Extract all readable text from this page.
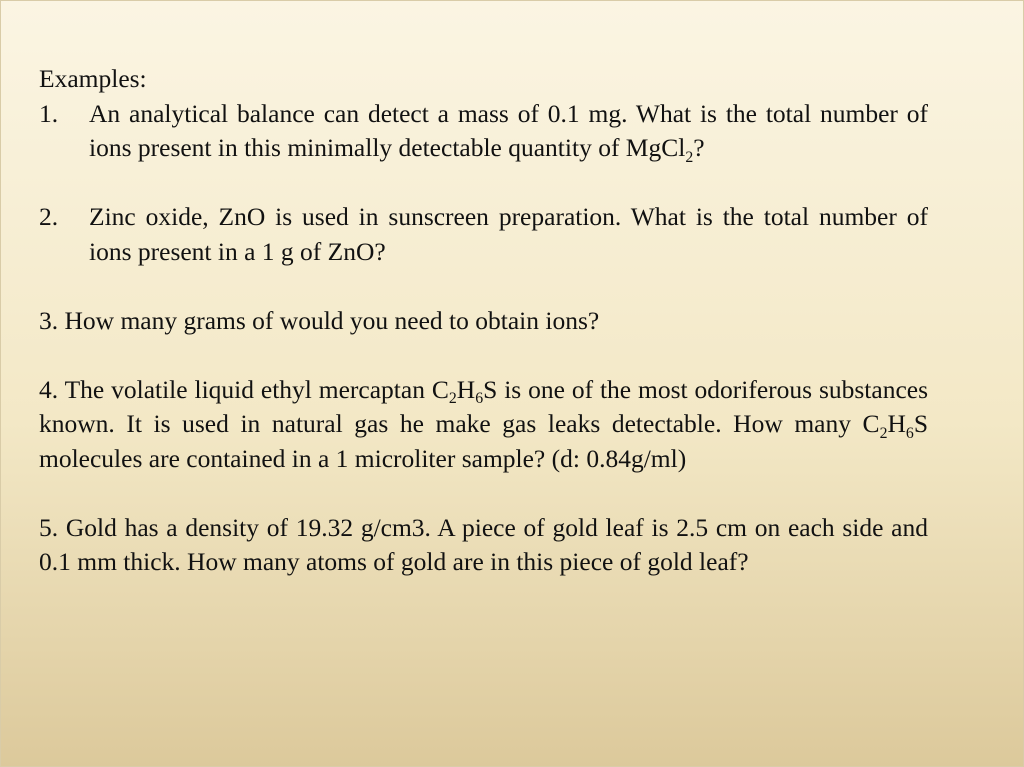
Examples:

1.	An analytical balance can detect a mass of 0.1 mg. What is the total number of ions present in this minimally detectable quantity of MgCl$_2$?
2.	Zinc oxide, ZnO is used in sunscreen preparation. What is the total number of ions present in a 1 g of ZnO?

3. How many grams of would you need to obtain ions?

4. The volatile liquid ethyl mercaptan $C_2H_6S$ is one of the most odoriferous substances known. It is used in natural gas he make gas leaks detectable. How many $C_2H_6S$ molecules are contained in a 1 microliter sample? (d: 0.84g/ml)

5. Gold has a density of 19.32 g/cm3. A piece of gold leaf is 2.5 cm on each side and 0.1 mm thick. How many atoms of gold are in this piece of gold leaf?
